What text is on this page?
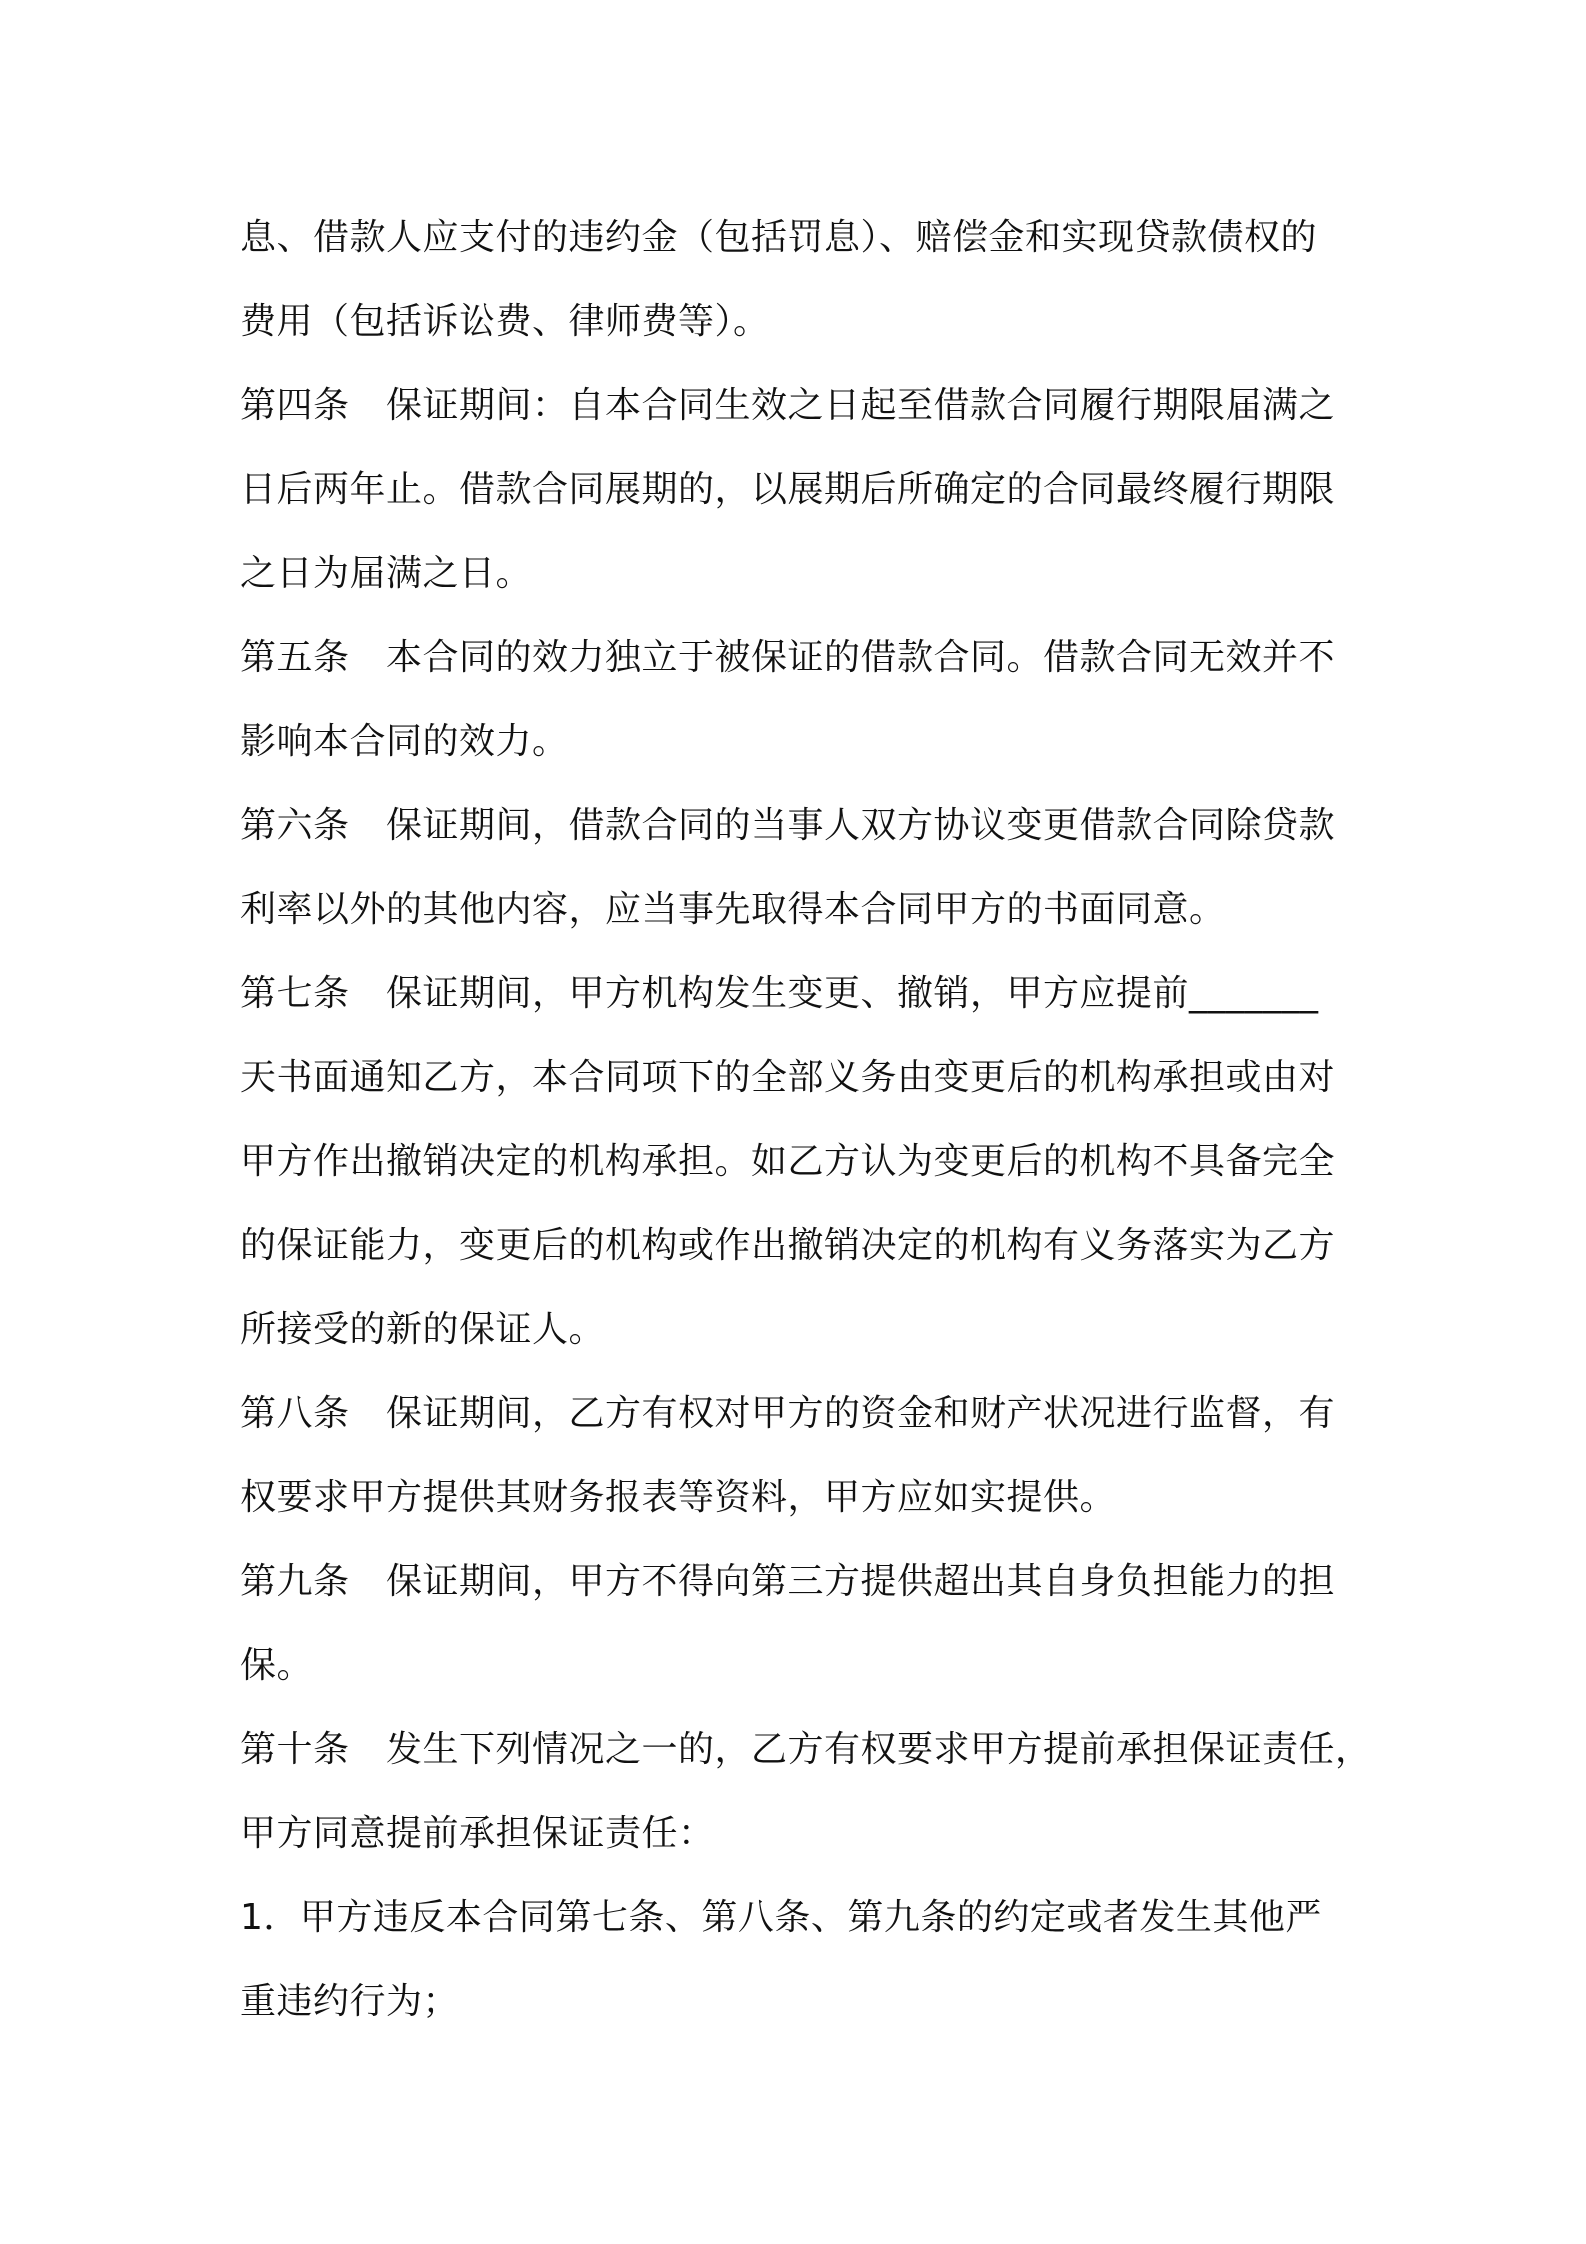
息、借款人应支付的违约金（包括罚息）、赔偿金和实现贷款债权的
费用（包括诉讼费、律师费等）。
第四条　保证期间：自本合同生效之日起至借款合同履行期限届满之
日后两年止。借款合同展期的，以展期后所确定的合同最终履行期限
之日为届满之日。
第五条　本合同的效力独立于被保证的借款合同。借款合同无效并不
影响本合同的效力。
第六条　保证期间，借款合同的当事人双方协议变更借款合同除贷款
利率以外的其他内容，应当事先取得本合同甲方的书面同意。
第七条　保证期间，甲方机构发生变更、撤销，甲方应提前_______
天书面通知乙方，本合同项下的全部义务由变更后的机构承担或由对
甲方作出撤销决定的机构承担。如乙方认为变更后的机构不具备完全
的保证能力，变更后的机构或作出撤销决定的机构有义务落实为乙方
所接受的新的保证人。
第八条　保证期间，乙方有权对甲方的资金和财产状况进行监督，有
权要求甲方提供其财务报表等资料，甲方应如实提供。
第九条　保证期间，甲方不得向第三方提供超出其自身负担能力的担
保。
第十条　发生下列情况之一的，乙方有权要求甲方提前承担保证责任，
甲方同意提前承担保证责任：
1．甲方违反本合同第七条、第八条、第九条的约定或者发生其他严
重违约行为；
